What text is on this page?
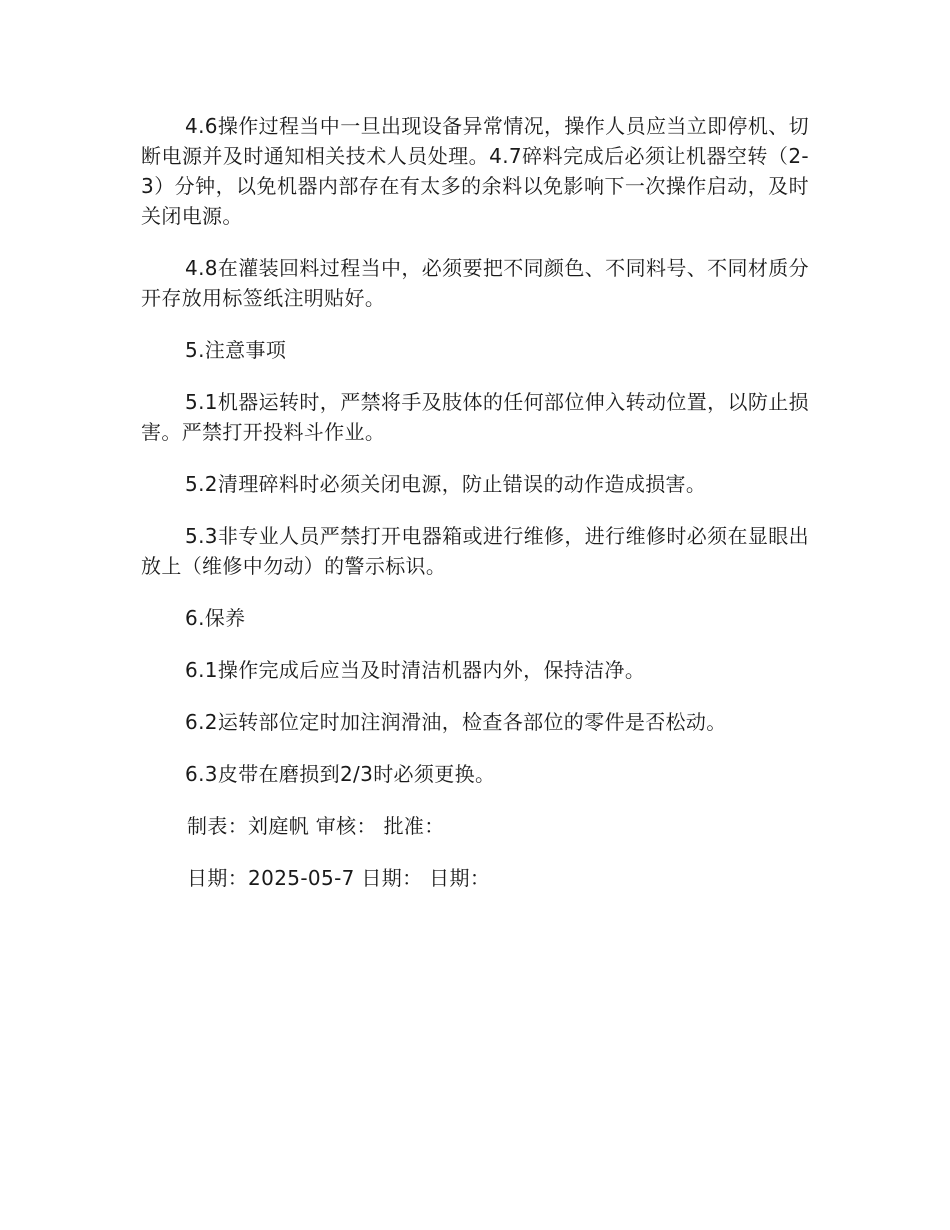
4.6操作过程当中一旦出现设备异常情况，操作人员应当立即停机、切断电源并及时通知相关技术人员处理。4.7碎料完成后必须让机器空转（2-3）分钟，以免机器内部存在有太多的余料以免影响下一次操作启动，及时关闭电源。

4.8在灌装回料过程当中，必须要把不同颜色、不同料号、不同材质分开存放用标签纸注明贴好。

5.注意事项

5.1机器运转时，严禁将手及肢体的任何部位伸入转动位置，以防止损害。严禁打开投料斗作业。

5.2清理碎料时必须关闭电源，防止错误的动作造成损害。

5.3非专业人员严禁打开电器箱或进行维修，进行维修时必须在显眼出放上（维修中勿动）的警示标识。

6.保养

6.1操作完成后应当及时清洁机器内外，保持洁净。

6.2运转部位定时加注润滑油，检查各部位的零件是否松动。

6.3皮带在磨损到2/3时必须更换。

制表：刘庭帆 审核： 批准：

日期：2025-05-7 日期： 日期：
